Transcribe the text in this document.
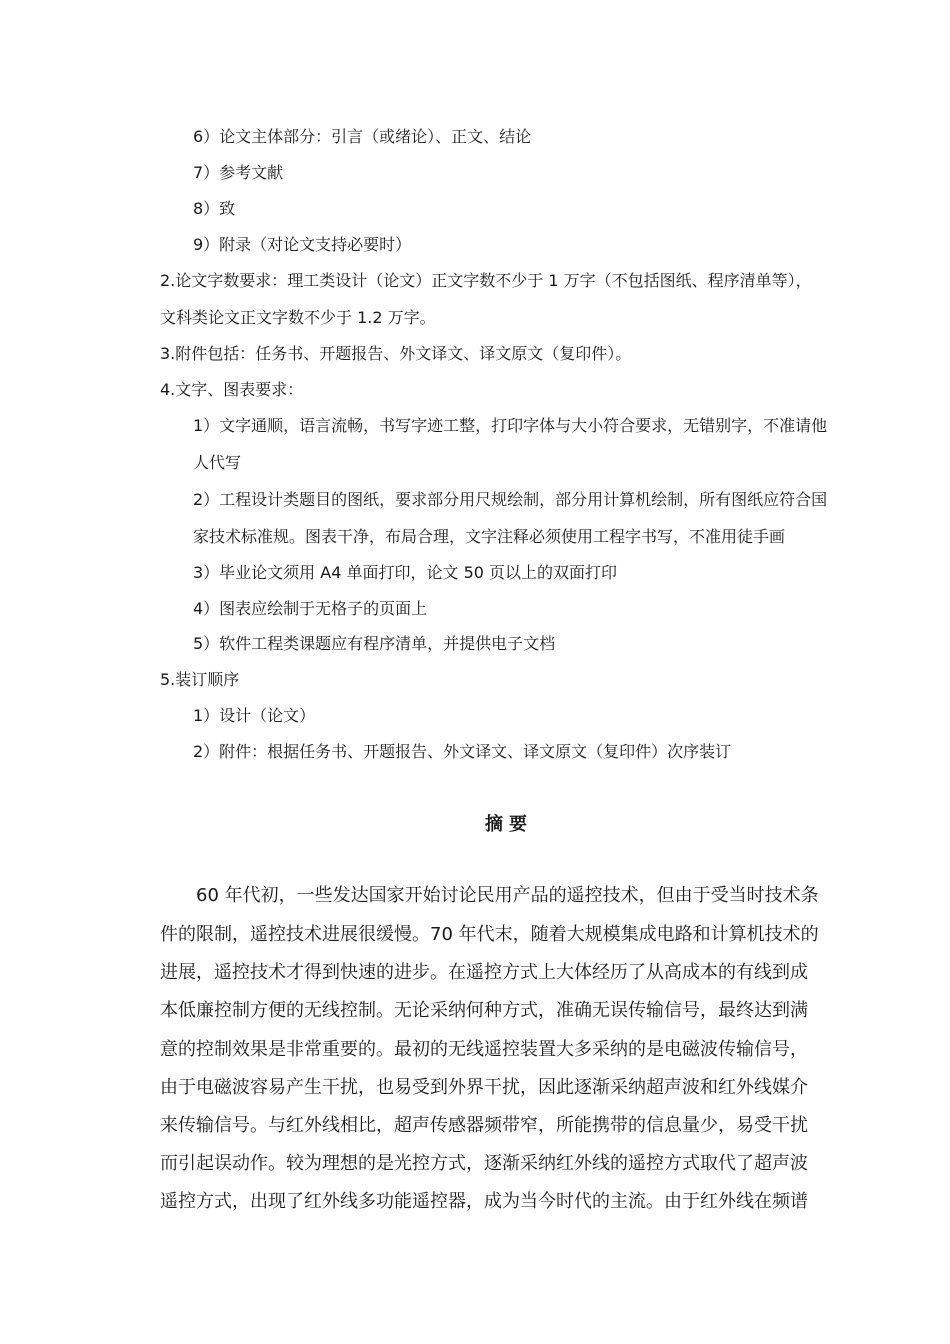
6）论文主体部分：引言（或绪论）、正文、结论
7）参考文献
8）致
9）附录（对论文支持必要时）
2.论文字数要求：理工类设计（论文）正文字数不少于 1 万字（不包括图纸、程序清单等），
文科类论文正文字数不少于 1.2 万字。
3.附件包括：任务书、开题报告、外文译文、译文原文（复印件）。
4.文字、图表要求：
1）文字通顺，语言流畅，书写字迹工整，打印字体与大小符合要求，无错别字，不准请他
人代写
2）工程设计类题目的图纸，要求部分用尺规绘制，部分用计算机绘制，所有图纸应符合国
家技术标准规。图表干净，布局合理，文字注释必须使用工程字书写，不准用徒手画
3）毕业论文须用 A4 单面打印，论文 50 页以上的双面打印
4）图表应绘制于无格子的页面上
5）软件工程类课题应有程序清单，并提供电子文档
5.装订顺序
1）设计（论文）
2）附件：根据任务书、开题报告、外文译文、译文原文（复印件）次序装订
摘要
60 年代初，一些发达国家开始讨论民用产品的遥控技术，但由于受当时技术条
件的限制，遥控技术进展很缓慢。70 年代末，随着大规模集成电路和计算机技术的
进展，遥控技术才得到快速的进步。在遥控方式上大体经历了从高成本的有线到成
本低廉控制方便的无线控制。无论采纳何种方式，准确无误传输信号，最终达到满
意的控制效果是非常重要的。最初的无线遥控装置大多采纳的是电磁波传输信号，
由于电磁波容易产生干扰，也易受到外界干扰，因此逐渐采纳超声波和红外线媒介
来传输信号。与红外线相比，超声传感器频带窄，所能携带的信息量少，易受干扰
而引起误动作。较为理想的是光控方式，逐渐采纳红外线的遥控方式取代了超声波
遥控方式，出现了红外线多功能遥控器，成为当今时代的主流。由于红外线在频谱
